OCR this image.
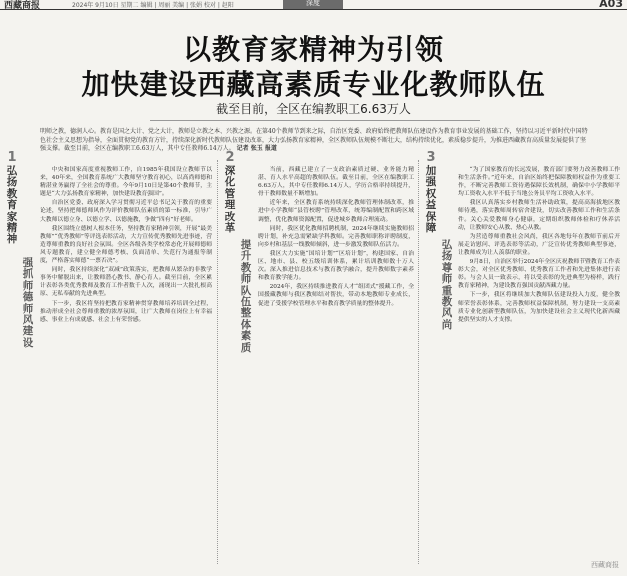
西藏商报	2024年 9月10日 星期二 编辑 | 周丽 美编 | 张娟 校对 | 赵阳	深度	A03
以教育家精神为引领
加快建设西藏高素质专业化教师队伍
截至目前，全区在编教职工6.63万人
明师之教，德润人心。教育是国之大计、党之大计，教师是立教之本、兴教之源。在第40个教师节到来之际，自治区党委、政府始终把教师队伍建设作为教育事业发展的基础工作，坚持以习近平新时代中国特色社会主义思想为指导，全面贯彻党的教育方针，持续深化新时代教师队伍建设改革，大力弘扬教育家精神，全区教师队伍规模不断壮大，结构持续优化，素质稳步提升，为推进西藏教育高质量发展提供了坚强支撑。截至目前，全区在编教职工6.63万人，其中专任教师6.14万人。 记者 张玉 报道
1
弘扬教育家精神
强抓师德师风建设

中央和国家高度重视教师工作，自1985年我国设立教师节以来，40年来，全国教育系统广大教师坚守教育初心，以高尚师德和精湛业务赢得了全社会的尊重。今年9月10日是第40个教师节，主题是“大力弘扬教育家精神，加快建设教育强国”。

自治区党委、政府深入学习贯彻习近平总书记关于教育的重要论述，坚持把师德师风作为评价教师队伍素质的第一标准，引导广大教师以德立身、以德立学、以德施教，争做“四有”好老师。

我区围绕立德树人根本任务，坚持教育家精神引领，开展“最美教师”“优秀教师”等评选表彰活动，大力宣传优秀教师先进事迹，营造尊师重教的良好社会氛围。全区各级各类学校常态化开展师德师风专题教育，建立健全师德考核、负面清单、失范行为通报等制度，严格落实师德“一票否决”。

同时，我区持续深化“双减”政策落实，把教师从繁杂的非教学事务中解脱出来，让教师潜心教书、静心育人。截至目前，全区累计表彰各类优秀教师及教育工作者数千人次，涌现出一大批扎根高原、无私奉献的先进典型。

下一步，我区将坚持把教育家精神贯穿教师培养培训全过程，推动形成全社会尊师重教的浓厚氛围，让广大教师在岗位上有幸福感、事业上有成就感、社会上有荣誉感。

2
深化管理改革
提升教师队伍整体素质

当前，西藏已建立了一支政治素质过硬、业务能力精湛、育人水平高超的教师队伍。截至目前，全区在编教职工6.63万人，其中专任教师6.14万人，学历合格率持续提升，骨干教师数量不断增加。

近年来，全区教育系统持续深化教师管理体制改革，推进中小学教师“县管校聘”管理改革，统筹编制配置和跨区域调整，优化教师资源配置，促进城乡教师合理流动。

同时，我区优化教师招聘机制，2024年继续实施教师招聘计划，补充急需紧缺学科教师。完善教师职称评聘制度，向乡村和基层一线教师倾斜，进一步激发教师队伍活力。

我区大力实施“国培计划”“区培计划”，构建国家、自治区、地市、县、校五级培训体系，累计培训教师数十万人次。深入推进信息技术与教育教学融合，提升教师数字素养和教育教学能力。

2024年，我区持续推进教育人才“组团式”援藏工作，全国援藏教师与我区教师结对帮扶，带动本地教师专业成长，促进了受援学校管理水平和教育教学质量的整体提升。

3
加强权益保障
弘扬尊师重教风尚

“为了国家教育的长远发展，教育部门要努力改善教师工作和生活条件。”近年来，自治区始终把保障教师权益作为重要工作，不断完善教师工资待遇保障长效机制，确保中小学教师平均工资收入水平不低于当地公务员平均工资收入水平。

我区认真落实乡村教师生活补助政策，提高高海拔地区教师待遇，落实教师周转宿舍建设，切实改善教师工作和生活条件。关心关爱教师身心健康，定期组织教师体检和疗休养活动，让教师安心从教、热心从教。

为营造尊师重教社会风尚，我区各地每年在教师节前后开展走访慰问、评选表彰等活动，广泛宣传优秀教师典型事迹，让教师成为让人羡慕的职业。

9月8日，自治区举行2024年全区庆祝教师节暨教育工作表彰大会，对全区优秀教师、优秀教育工作者和先进集体进行表彰。与会人员一致表示，将以受表彰的先进典型为榜样，践行教育家精神，为建设教育强国贡献西藏力量。

下一步，我区将继续加大教师队伍建设投入力度，健全教师荣誉表彰体系，完善教师权益保障机制，努力建设一支高素质专业化创新型教师队伍，为加快建设社会主义现代化新西藏提供坚实的人才支撑。

西藏商报
